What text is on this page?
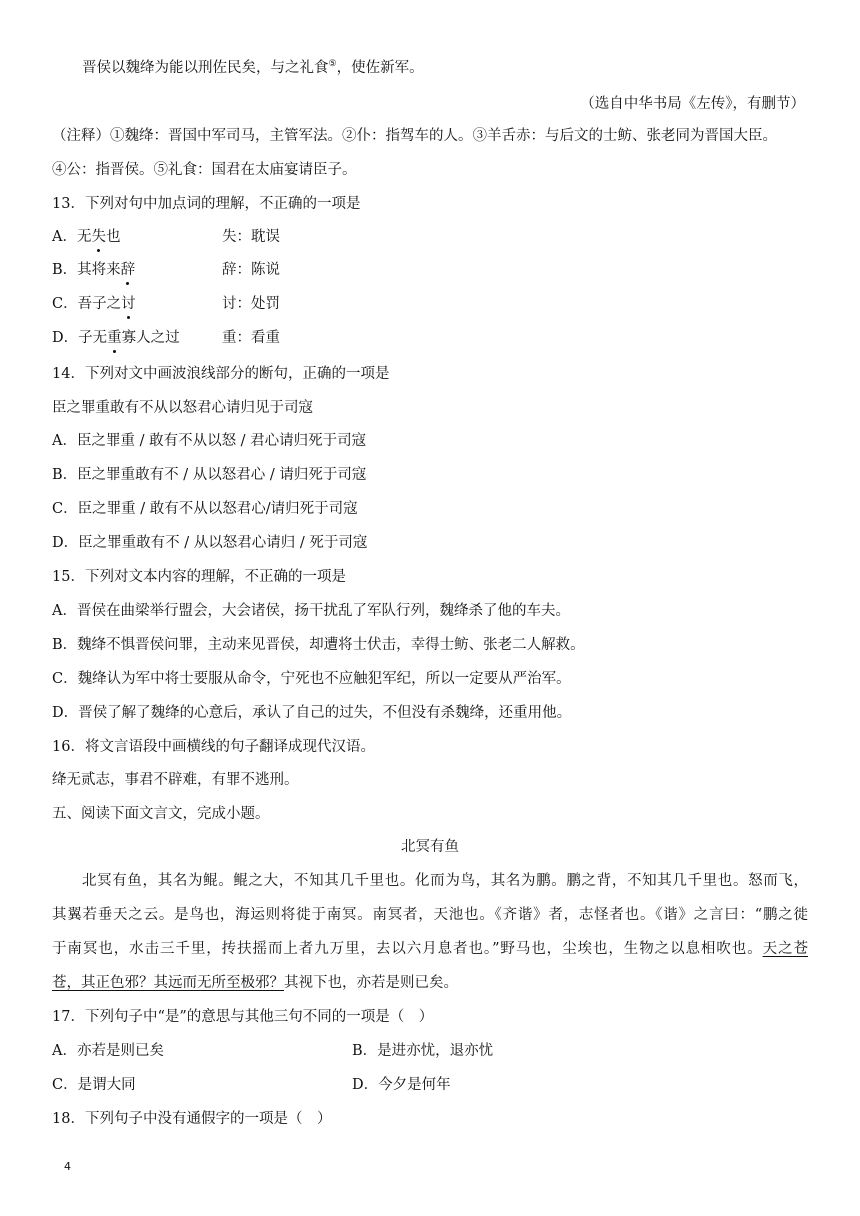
晋侯以魏绛为能以刑佐民矣，与之礼食⑤，使佐新军。
（选自中华书局《左传》，有删节）
（注释）①魏绛：晋国中军司马，主管军法。②仆：指驾车的人。③羊舌赤：与后文的士鲂、张老同为晋国大臣。
④公：指晋侯。⑤礼食：国君在太庙宴请臣子。
13．下列对句中加点词的理解，不正确的一项是
A．无失也	失：耽误
B．其将来辞	辞：陈说
C．吾子之讨	讨：处罚
D．子无重寡人之过	重：看重
14．下列对文中画波浪线部分的断句，正确的一项是
臣之罪重敢有不从以怒君心请归见于司寇
A．臣之罪重 / 敢有不从以怒 / 君心请归死于司寇
B．臣之罪重敢有不 / 从以怒君心 / 请归死于司寇
C．臣之罪重 / 敢有不从以怒君心/请归死于司寇
D．臣之罪重敢有不 / 从以怒君心请归 / 死于司寇
15．下列对文本内容的理解，不正确的一项是
A．晋侯在曲梁举行盟会，大会诸侯，扬干扰乱了军队行列，魏绛杀了他的车夫。
B．魏绛不惧晋侯问罪，主动来见晋侯，却遭将士伏击，幸得士鲂、张老二人解救。
C．魏绛认为军中将士要服从命令，宁死也不应触犯军纪，所以一定要从严治军。
D．晋侯了解了魏绛的心意后，承认了自己的过失，不但没有杀魏绛，还重用他。
16．将文言语段中画横线的句子翻译成现代汉语。
绛无贰志，事君不辟难，有罪不逃刑。
五、阅读下面文言文，完成小题。
北冥有鱼
北冥有鱼，其名为鲲。鲲之大，不知其几千里也。化而为鸟，其名为鹏。鹏之背，不知其几千里也。怒而飞，
其翼若垂天之云。是鸟也，海运则将徙于南冥。南冥者，天池也。《齐谐》者，志怪者也。《谐》之言曰：“鹏之徙
于南冥也，水击三千里，抟扶摇而上者九万里，去以六月息者也。”野马也，尘埃也，生物之以息相吹也。天之苍
苍，其正色邪？其远而无所至极邪？其视下也，亦若是则已矣。
17．下列句子中“是”的意思与其他三句不同的一项是（　）
A．亦若是则已矣	B．是进亦忧，退亦忧
C．是谓大同	D．今夕是何年
18．下列句子中没有通假字的一项是（　）
4
